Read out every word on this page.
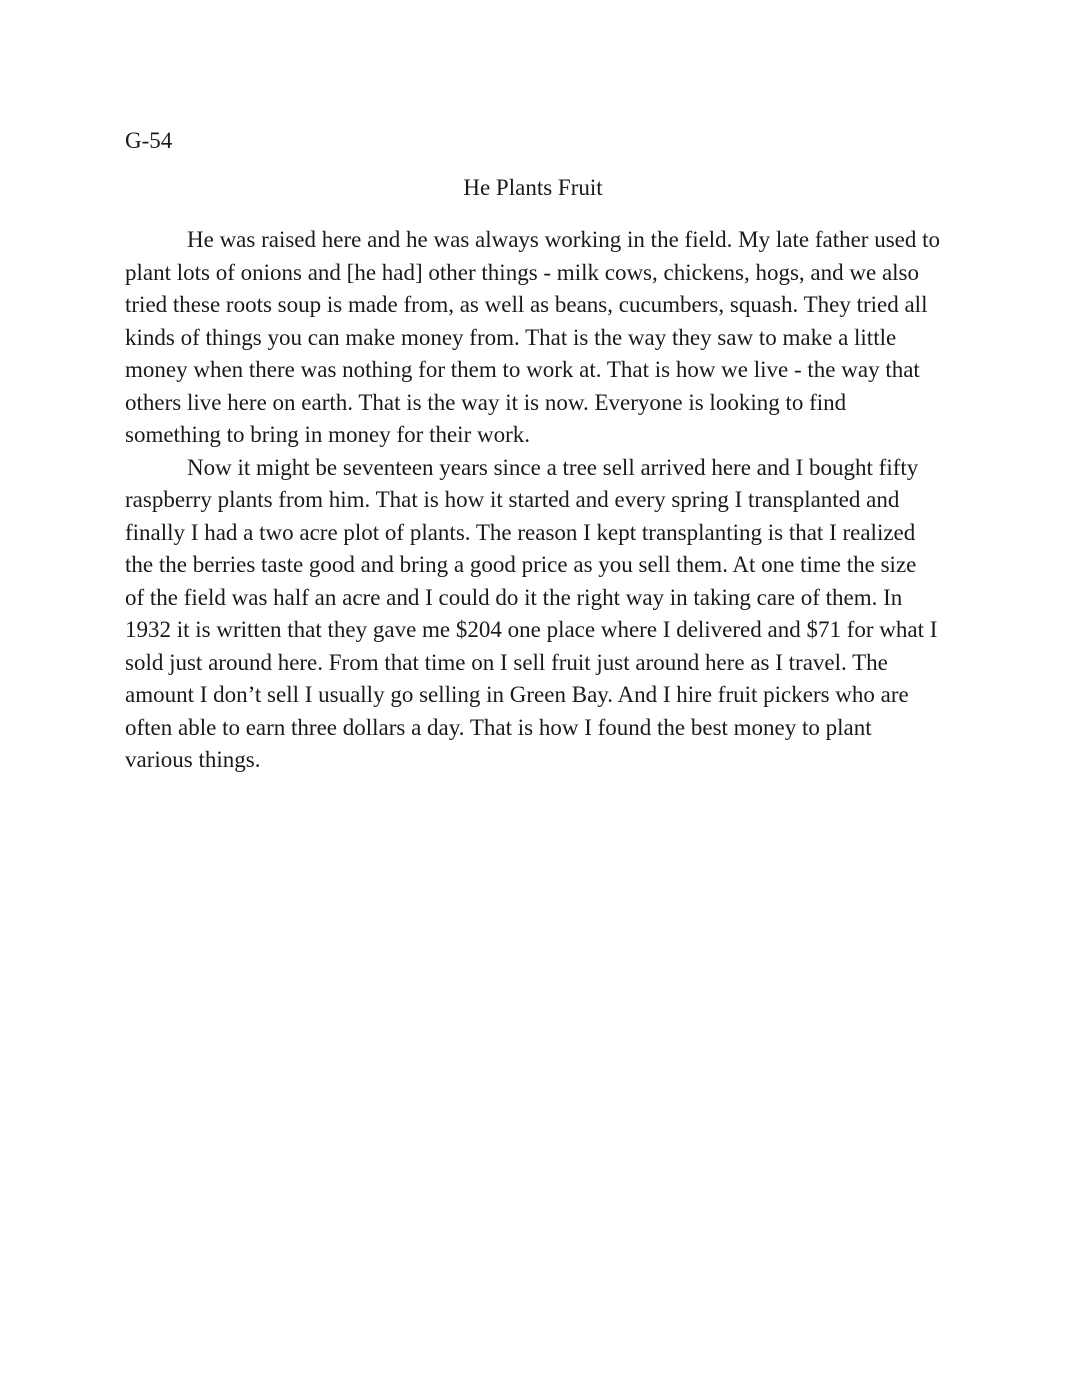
G-54
He Plants Fruit

He was raised here and he was always working in the field. My late father used to plant lots of onions and [he had] other things - milk cows, chickens, hogs, and we also tried these roots soup is made from, as well as beans, cucumbers, squash. They tried all kinds of things you can make money from. That is the way they saw to make a little money when there was nothing for them to work at. That is how we live - the way that others live here on earth. That is the way it is now. Everyone is looking to find something to bring in money for their work.

Now it might be seventeen years since a tree sell arrived here and I bought fifty raspberry plants from him. That is how it started and every spring I transplanted and finally I had a two acre plot of plants. The reason I kept transplanting is that I realized the the berries taste good and bring a good price as you sell them. At one time the size of the field was half an acre and I could do it the right way in taking care of them. In 1932 it is written that they gave me $204 one place where I delivered and $71 for what I sold just around here. From that time on I sell fruit just around here as I travel. The amount I don’t sell I usually go selling in Green Bay. And I hire fruit pickers who are often able to earn three dollars a day. That is how I found the best money to plant various things.
